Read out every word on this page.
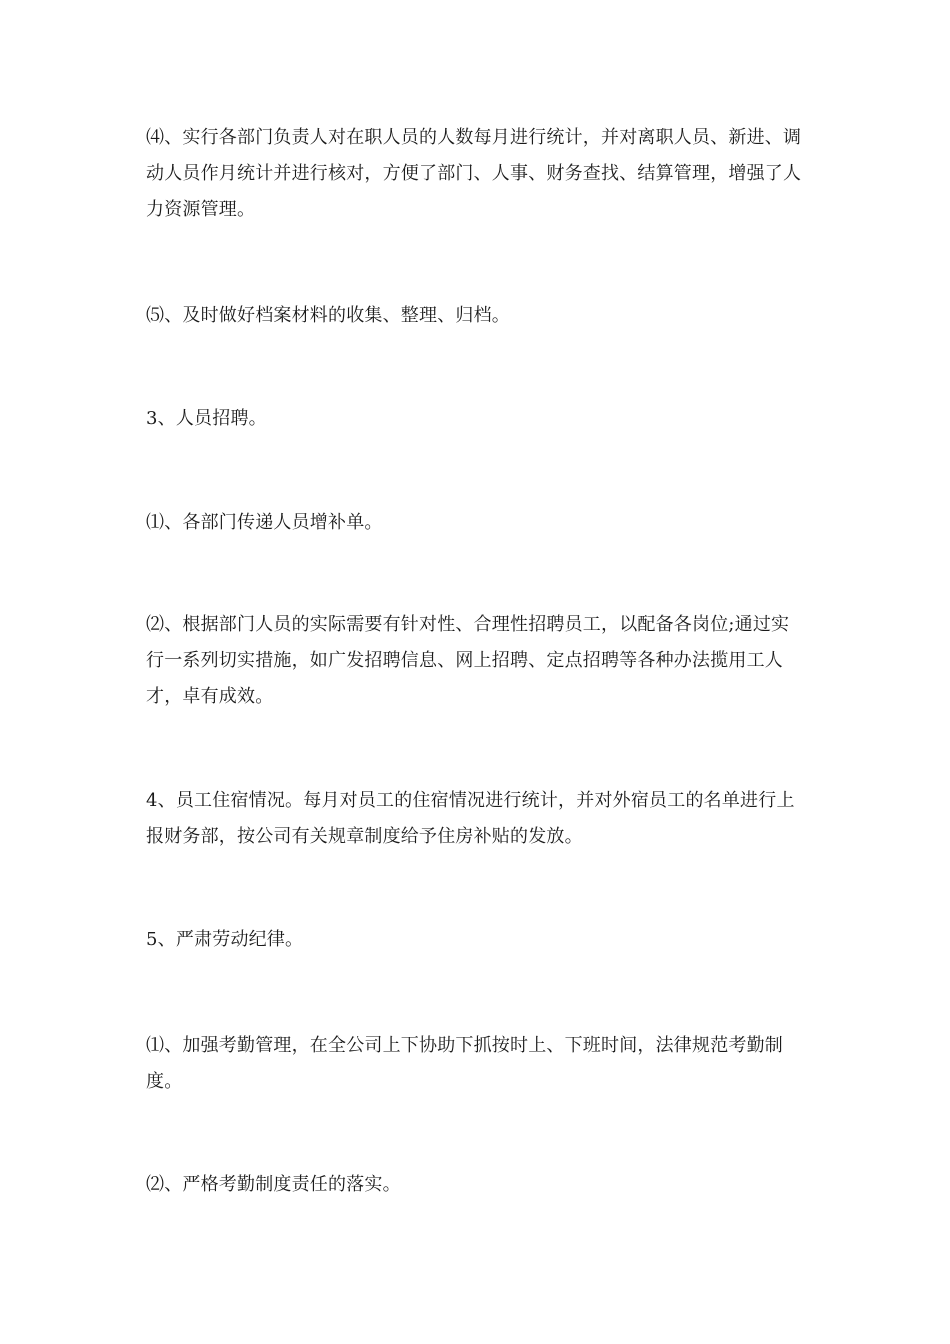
⑷、实行各部门负责人对在职人员的人数每月进行统计，并对离职人员、新进、调动人员作月统计并进行核对，方便了部门、人事、财务查找、结算管理，增强了人力资源管理。

⑸、及时做好档案材料的收集、整理、归档。

3、人员招聘。

⑴、各部门传递人员增补单。

⑵、根据部门人员的实际需要有针对性、合理性招聘员工，以配备各岗位;通过实行一系列切实措施，如广发招聘信息、网上招聘、定点招聘等各种办法揽用工人才，卓有成效。

4、员工住宿情况。每月对员工的住宿情况进行统计，并对外宿员工的名单进行上报财务部，按公司有关规章制度给予住房补贴的发放。

5、严肃劳动纪律。

⑴、加强考勤管理，在全公司上下协助下抓按时上、下班时间，法律规范考勤制度。

⑵、严格考勤制度责任的落实。
